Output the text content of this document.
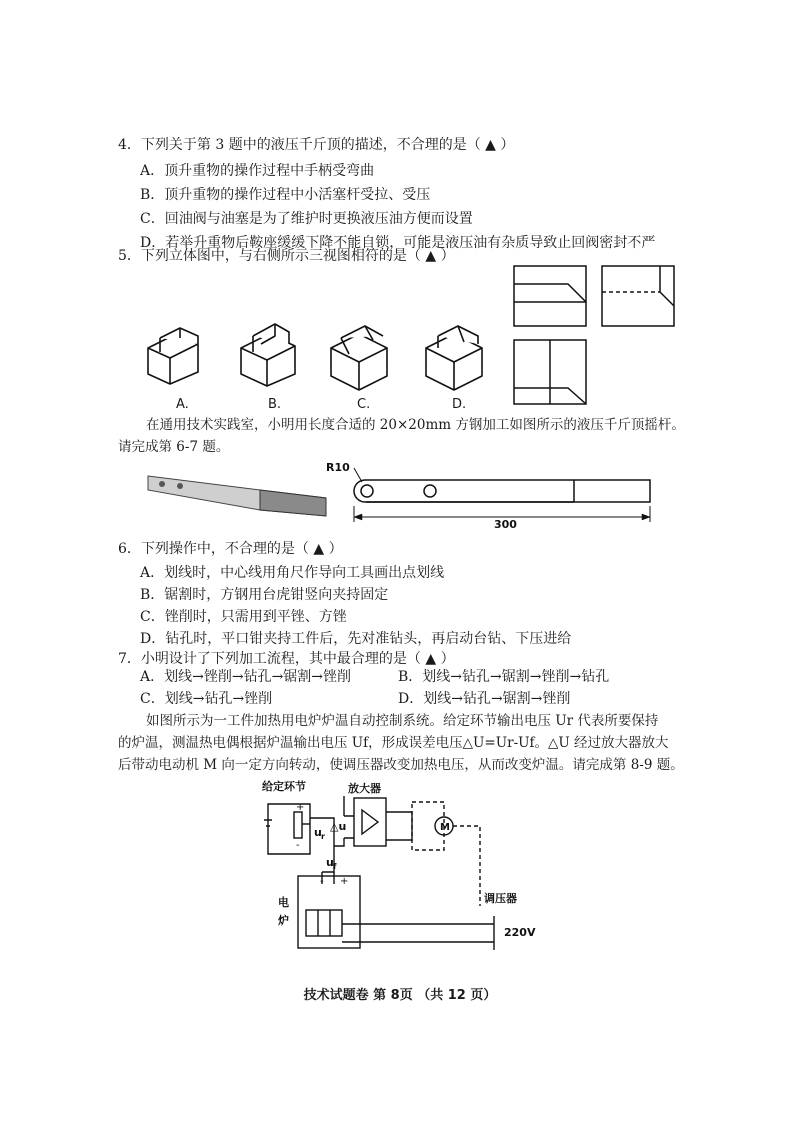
4．下列关于第 3 题中的液压千斤顶的描述，不合理的是（ ▲ ）
A．顶升重物的操作过程中手柄受弯曲
B．顶升重物的操作过程中小活塞杆受拉、受压
C．回油阀与油塞是为了维护时更换液压油方便而设置
D．若举升重物后鞍座缓缓下降不能自锁，可能是液压油有杂质导致止回阀密封不严
5．下列立体图中，与右侧所示三视图相符的是（ ▲ ）
A.	B.	C.	D.
在通用技术实践室，小明用长度合适的 20×20mm 方钢加工如图所示的液压千斤顶摇杆。
请完成第 6-7 题。
R10
300
6．下列操作中，不合理的是（ ▲ ）
A．划线时，中心线用角尺作导向工具画出点划线
B．锯割时，方钢用台虎钳竖向夹持固定
C．锉削时，只需用到平锉、方锉
D．钻孔时，平口钳夹持工件后，先对准钻头，再启动台钻、下压进给
7．小明设计了下列加工流程，其中最合理的是（ ▲ ）
A．划线→锉削→钻孔→锯割→锉削	B．划线→钻孔→锯割→锉削→钻孔
C．划线→钻孔→锉削	D．划线→钻孔→锯割→锉削
如图所示为一工件加热用电炉炉温自动控制系统。给定环节输出电压 Ur 代表所要保持
的炉温，测温热电偶根据炉温输出电压 Uf，形成误差电压△U=Ur-Uf。△U 经过放大器放大
后带动电动机 M 向一定方向转动，使调压器改变加热电压，从而改变炉温。请完成第 8-9 题。
给定环节	放大器
调压器
电
炉
220V
u r
u f
△u	M
+
-
- +
技术试题卷 第 8页 （共 12 页）
